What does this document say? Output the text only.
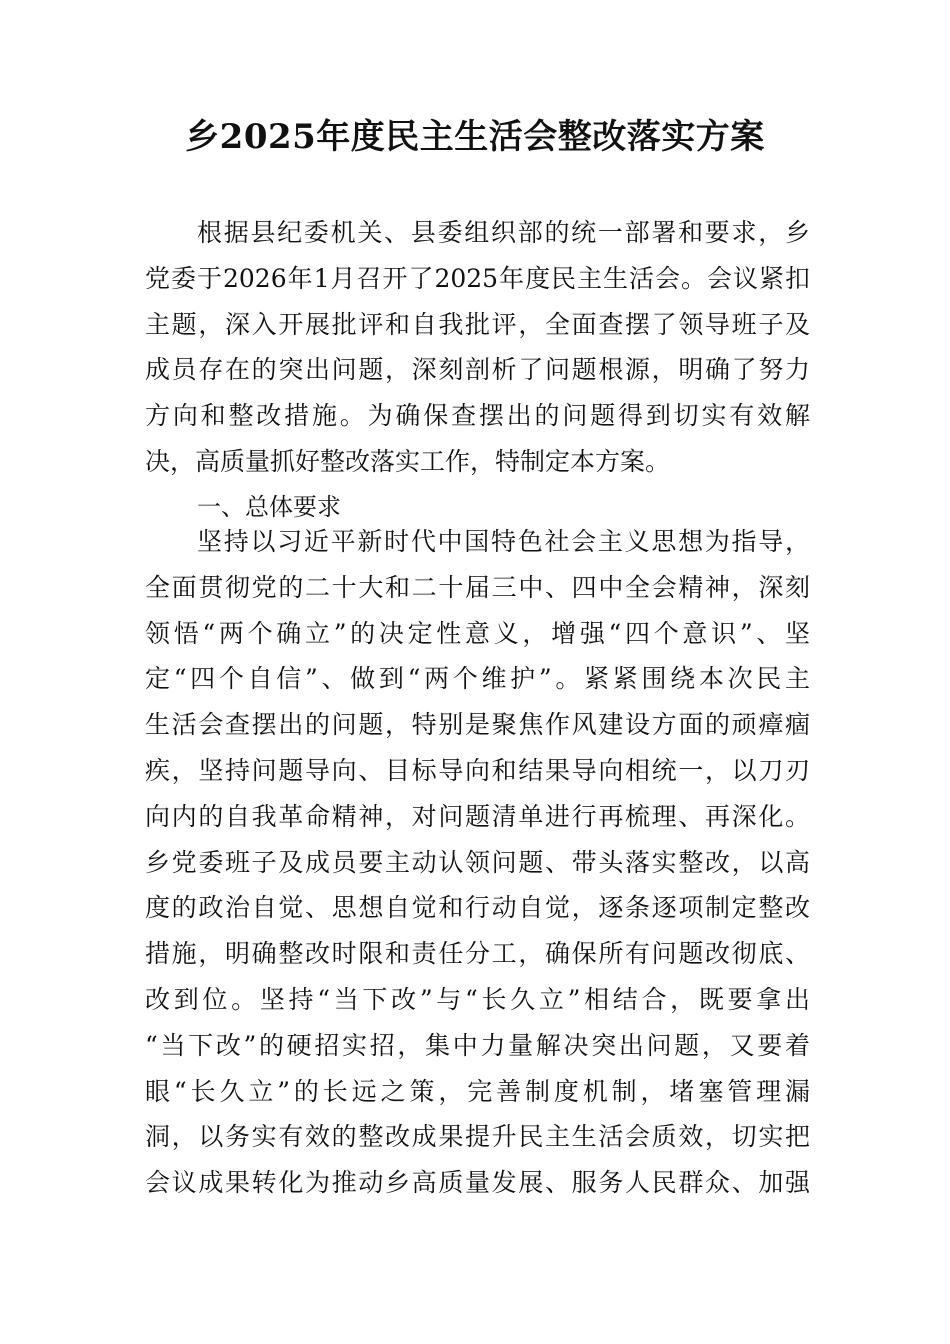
乡2025年度民主生活会整改落实方案
根据县纪委机关、县委组织部的统一部署和要求，乡
党委于2026年1月召开了2025年度民主生活会。会议紧扣
主题，深入开展批评和自我批评，全面查摆了领导班子及
成员存在的突出问题，深刻剖析了问题根源，明确了努力
方向和整改措施。为确保查摆出的问题得到切实有效解
决，高质量抓好整改落实工作，特制定本方案。
一、总体要求
坚持以习近平新时代中国特色社会主义思想为指导，
全面贯彻党的二十大和二十届三中、四中全会精神，深刻
领悟“两个确立”的决定性意义，增强“四个意识”、坚
定“四个自信”、做到“两个维护”。紧紧围绕本次民主
生活会查摆出的问题，特别是聚焦作风建设方面的顽瘴痼
疾，坚持问题导向、目标导向和结果导向相统一，以刀刃
向内的自我革命精神，对问题清单进行再梳理、再深化。
乡党委班子及成员要主动认领问题、带头落实整改，以高
度的政治自觉、思想自觉和行动自觉，逐条逐项制定整改
措施，明确整改时限和责任分工，确保所有问题改彻底、
改到位。坚持“当下改”与“长久立”相结合，既要拿出
“当下改”的硬招实招，集中力量解决突出问题，又要着
眼“长久立”的长远之策，完善制度机制，堵塞管理漏
洞，以务实有效的整改成果提升民主生活会质效，切实把
会议成果转化为推动乡高质量发展、服务人民群众、加强
